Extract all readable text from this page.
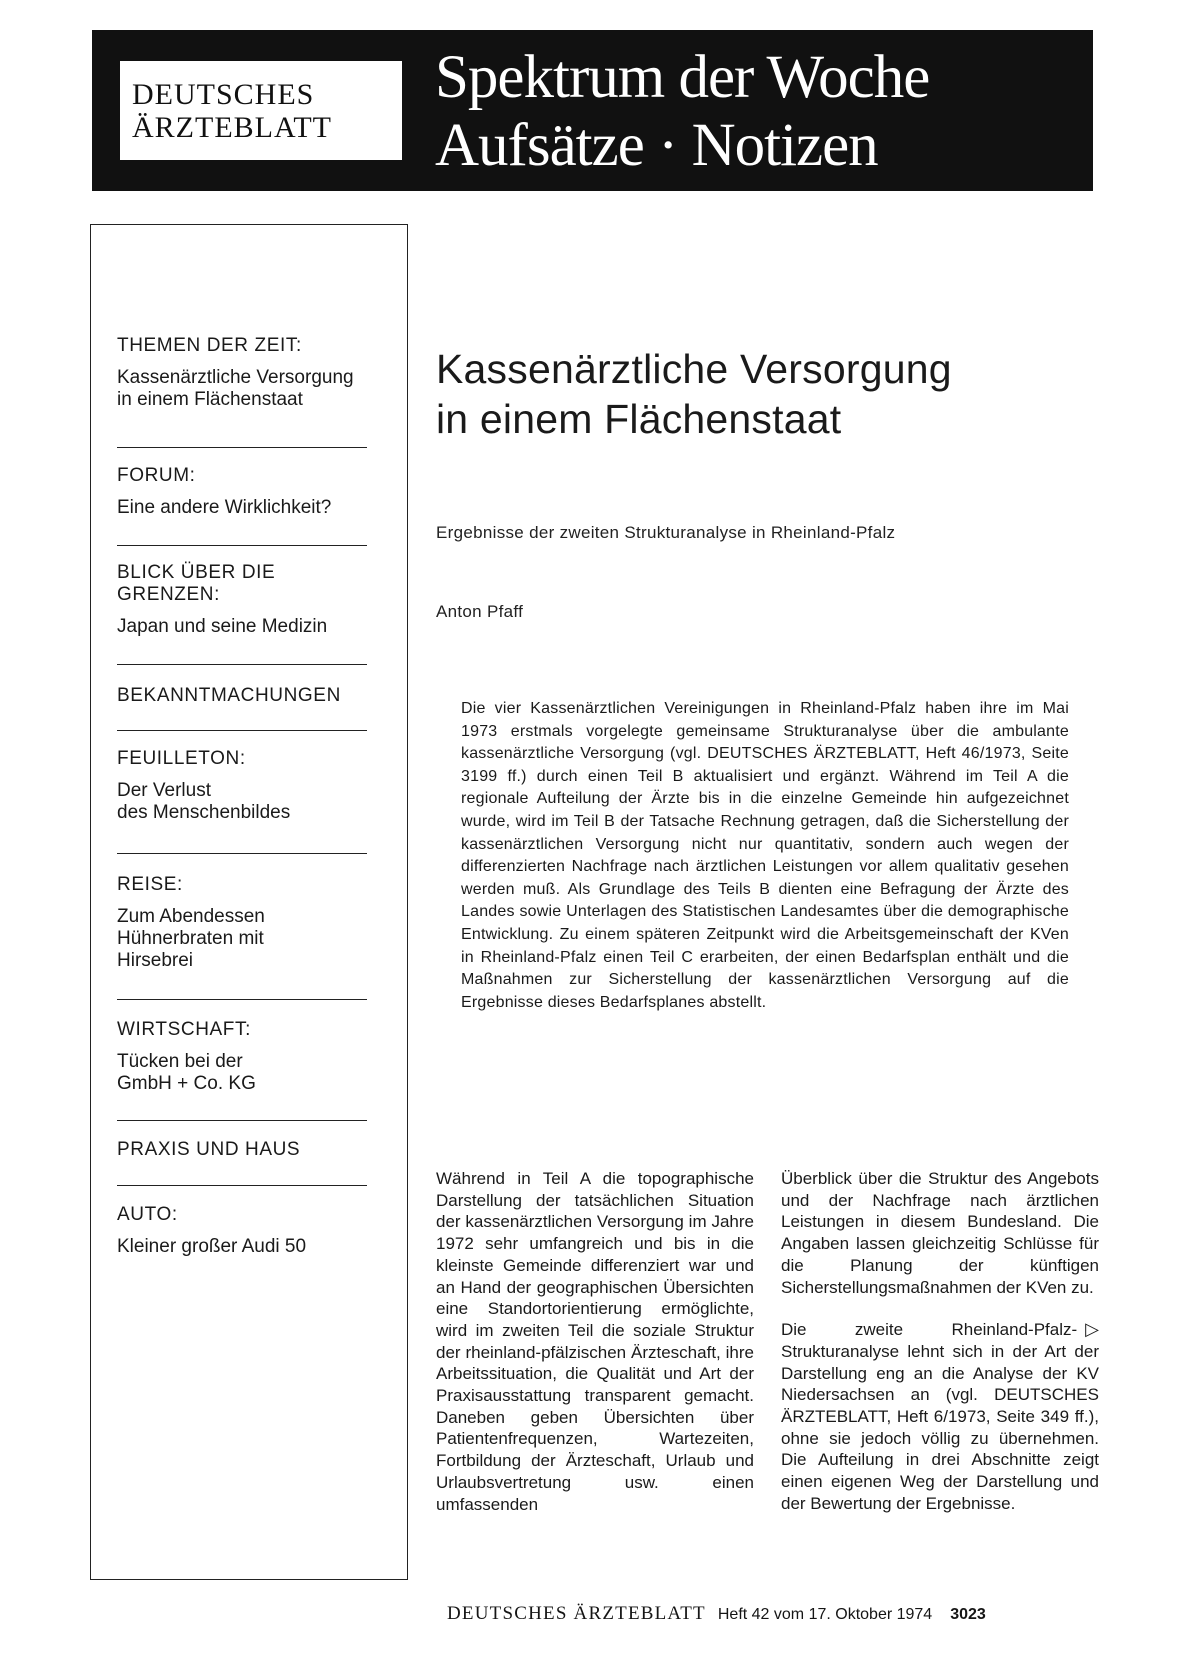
DEUTSCHES
ÄRZTEBLATT
Spektrum der Woche
Aufsätze · Notizen
THEMEN DER ZEIT:
Kassenärztliche Versorgung
in einem Flächenstaat
FORUM:
Eine andere Wirklichkeit?
BLICK ÜBER DIE GRENZEN:
Japan und seine Medizin
BEKANNTMACHUNGEN
FEUILLETON:
Der Verlust
des Menschenbildes
REISE:
Zum Abendessen
Hühnerbraten mit
Hirsebrei
WIRTSCHAFT:
Tücken bei der
GmbH + Co. KG
PRAXIS UND HAUS
AUTO:
Kleiner großer Audi 50
Kassenärztliche Versorgung
in einem Flächenstaat
Ergebnisse der zweiten Strukturanalyse in Rheinland-Pfalz
Anton Pfaff
Die vier Kassenärztlichen Vereinigungen in Rheinland-Pfalz haben ihre im Mai 1973 erstmals vorgelegte gemeinsame Strukturanalyse über die ambulante kassenärztliche Versorgung (vgl. DEUTSCHES ÄRZTEBLATT, Heft 46/1973, Seite 3199 ff.) durch einen Teil B aktualisiert und ergänzt. Während im Teil A die regionale Aufteilung der Ärzte bis in die einzelne Gemeinde hin aufgezeichnet wurde, wird im Teil B der Tatsache Rechnung getragen, daß die Sicherstellung der kassenärztlichen Versorgung nicht nur quantitativ, sondern auch wegen der differenzierten Nachfrage nach ärztlichen Leistungen vor allem qualitativ gesehen werden muß. Als Grundlage des Teils B dienten eine Befragung der Ärzte des Landes sowie Unterlagen des Statistischen Landesamtes über die demographische Entwicklung. Zu einem späteren Zeitpunkt wird die Arbeitsgemeinschaft der KVen in Rheinland-Pfalz einen Teil C erarbeiten, der einen Bedarfsplan enthält und die Maßnahmen zur Sicherstellung der kassenärztlichen Versorgung auf die Ergebnisse dieses Bedarfsplanes abstellt.

Während in Teil A die topographische Darstellung der tatsächlichen Situation der kassenärztlichen Versorgung im Jahre 1972 sehr umfangreich und bis in die kleinste Gemeinde differenziert war und an Hand der geographischen Übersichten eine Standortorientierung ermöglichte, wird im zweiten Teil die soziale Struktur der rheinland-pfälzischen Ärzteschaft, ihre Arbeitssituation, die Qualität und Art der Praxisausstattung transparent gemacht. Daneben geben Übersichten über Patientenfrequenzen, Wartezeiten, Fortbildung der Ärzteschaft, Urlaub und Urlaubsvertretung usw. einen umfassenden

Überblick über die Struktur des Angebots und der Nachfrage nach ärztlichen Leistungen in diesem Bundesland. Die Angaben lassen gleichzeitig Schlüsse für die Planung der künftigen Sicherstellungsmaßnahmen der KVen zu.

▷
Die zweite Rheinland-Pfalz-Strukturanalyse lehnt sich in der Art der Darstellung eng an die Analyse der KV Niedersachsen an (vgl. DEUTSCHES ÄRZTEBLATT, Heft 6/1973, Seite 349 ff.), ohne sie jedoch völlig zu übernehmen. Die Aufteilung in drei Abschnitte zeigt einen eigenen Weg der Darstellung und der Bewertung der Ergebnisse.

DEUTSCHES ÄRZTEBLATT Heft 42 vom 17. Oktober 1974 3023
